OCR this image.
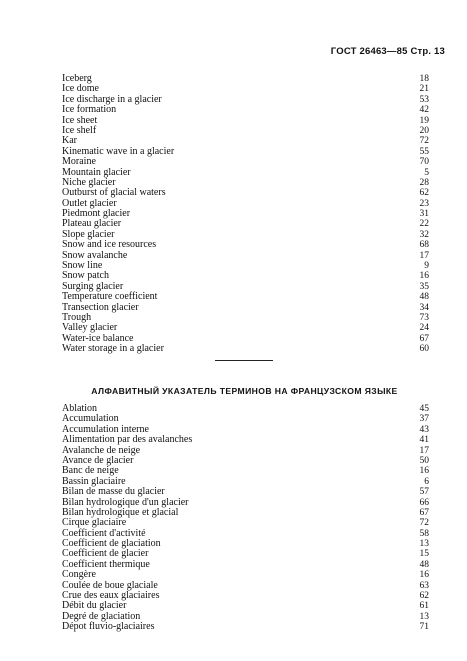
ГОСТ 26463—85 Стр. 13
Iceberg	18
Ice dome	21
Ice discharge in a glacier	53
Ice formation	42
Ice sheet	19
Ice shelf	20
Kar	72
Kinematic wave in a glacier	55
Moraine	70
Mountain glacier	5
Niche glacier	28
Outburst of glacial waters	62
Outlet glacier	23
Piedmont glacier	31
Plateau glacier	22
Slope glacier	32
Snow and ice resources	68
Snow avalanche	17
Snow line	9
Snow patch	16
Surging glacier	35
Temperature coefficient	48
Transection glacier	34
Trough	73
Valley glacier	24
Water-ice balance	67
Water storage in a glacier	60
АЛФАВИТНЫЙ УКАЗАТЕЛЬ ТЕРМИНОВ НА ФРАНЦУЗСКОМ ЯЗЫКЕ
Ablation	45
Accumulation	37
Accumulation interne	43
Alimentation par des avalanches	41
Avalanche de neige	17
Avance de glacier	50
Banc de neige	16
Bassin glaciaire	6
Bilan de masse du glacier	57
Bilan hydrologique d'un glacier	66
Bilan hydrologique et glacial	67
Cirque glaciaire	72
Coefficient d'activité	58
Coefficient de glaciation	13
Coefficient de glacier	15
Coefficient thermique	48
Congère	16
Coulée de boue glaciale	63
Crue des eaux glaciaires	62
Débit du glacier	61
Degré de glaciation	13
Dépot fluvio-glaciaires	71
